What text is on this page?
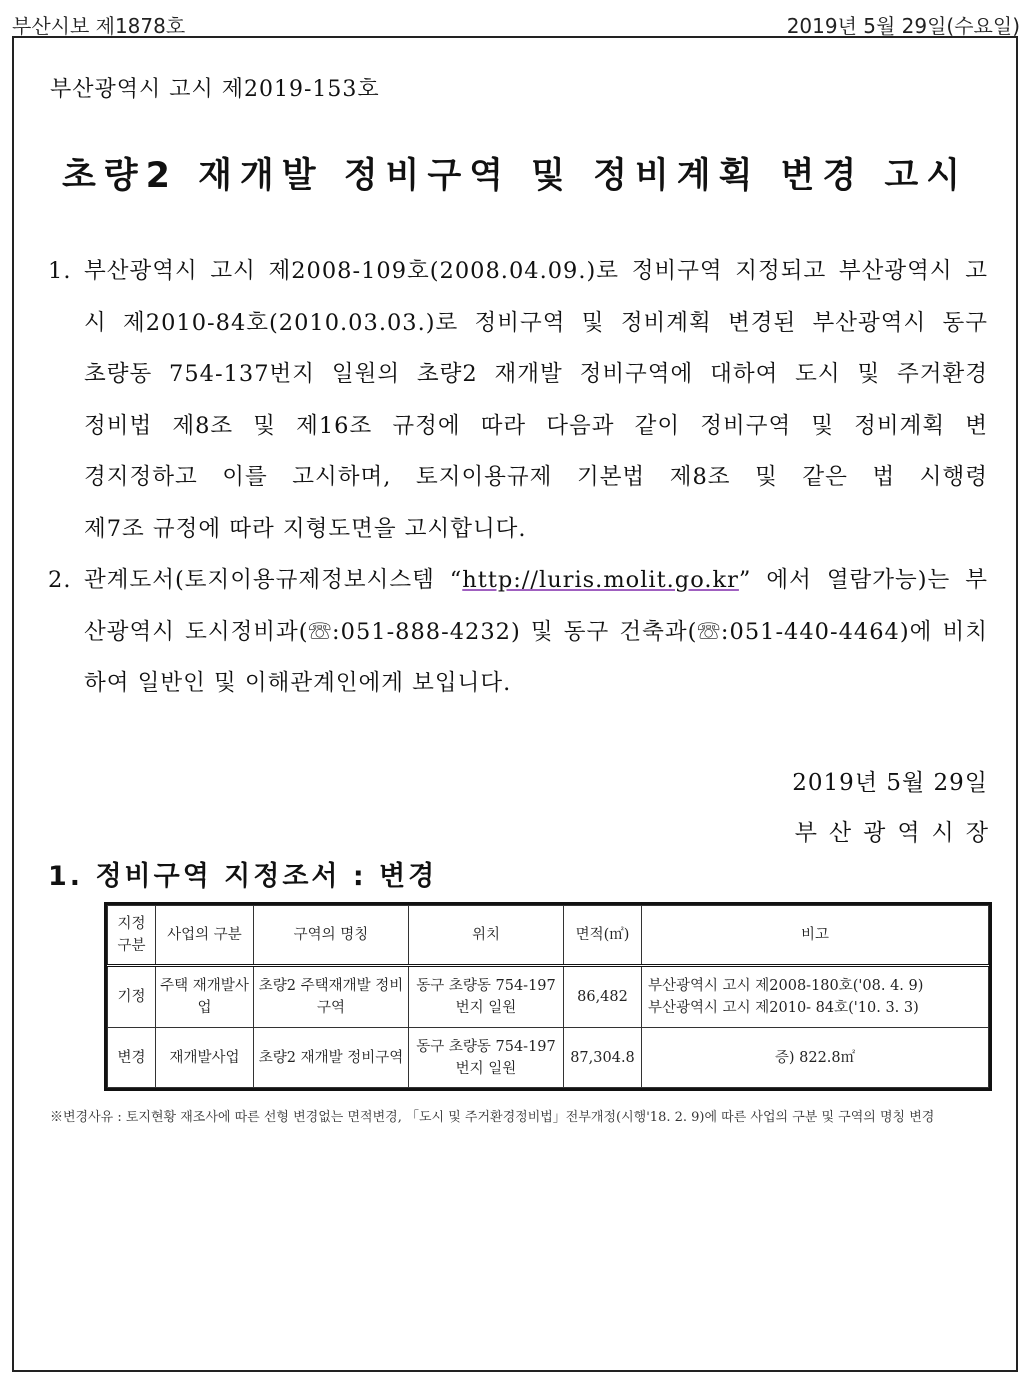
부산시보 제1878호	2019년 5월 29일(수요일)
부산광역시 고시 제2019-153호
초량2 재개발 정비구역 및 정비계획 변경 고시
1. 부산광역시 고시 제2008-109호(2008.04.09.)로 정비구역 지정되고 부산광역시 고
시 제2010-84호(2010.03.03.)로 정비구역 및 정비계획 변경된 부산광역시 동구
초량동 754-137번지 일원의 초량2 재개발 정비구역에 대하여 도시 및 주거환경
정비법 제8조 및 제16조 규정에 따라 다음과 같이 정비구역 및 정비계획 변
경지정하고 이를 고시하며, 토지이용규제 기본법 제8조 및 같은 법 시행령
제7조 규정에 따라 지형도면을 고시합니다.
2. 관계도서(토지이용규제정보시스템 “http://luris.molit.go.kr” 에서 열람가능)는 부
산광역시 도시정비과(☏:051-888-4232) 및 동구 건축과(☏:051-440-4464)에 비치
하여 일반인 및 이해관계인에게 보입니다.
2019년 5월 29일
부산광역시장
1. 정비구역 지정조서 : 변경
지정 구분	사업의 구분	구역의 명칭	위치	면적(㎡)	비고
기정	주택 재개발사업	초량2 주택재개발 정비구역	동구 초량동 754-197번지 일원	86,482	부산광역시 고시 제2008-180호('08. 4. 9)
부산광역시 고시 제2010- 84호('10. 3. 3)

변경	재개발사업	초량2 재개발 정비구역	동구 초량동 754-197번지 일원	87,304.8	증) 822.8㎡
※변경사유 : 토지현황 재조사에 따른 선형 변경없는 면적변경, 「도시 및 주거환경정비법」전부개정(시행'18. 2. 9)에 따른 사업의 구분 및 구역의 명칭 변경
